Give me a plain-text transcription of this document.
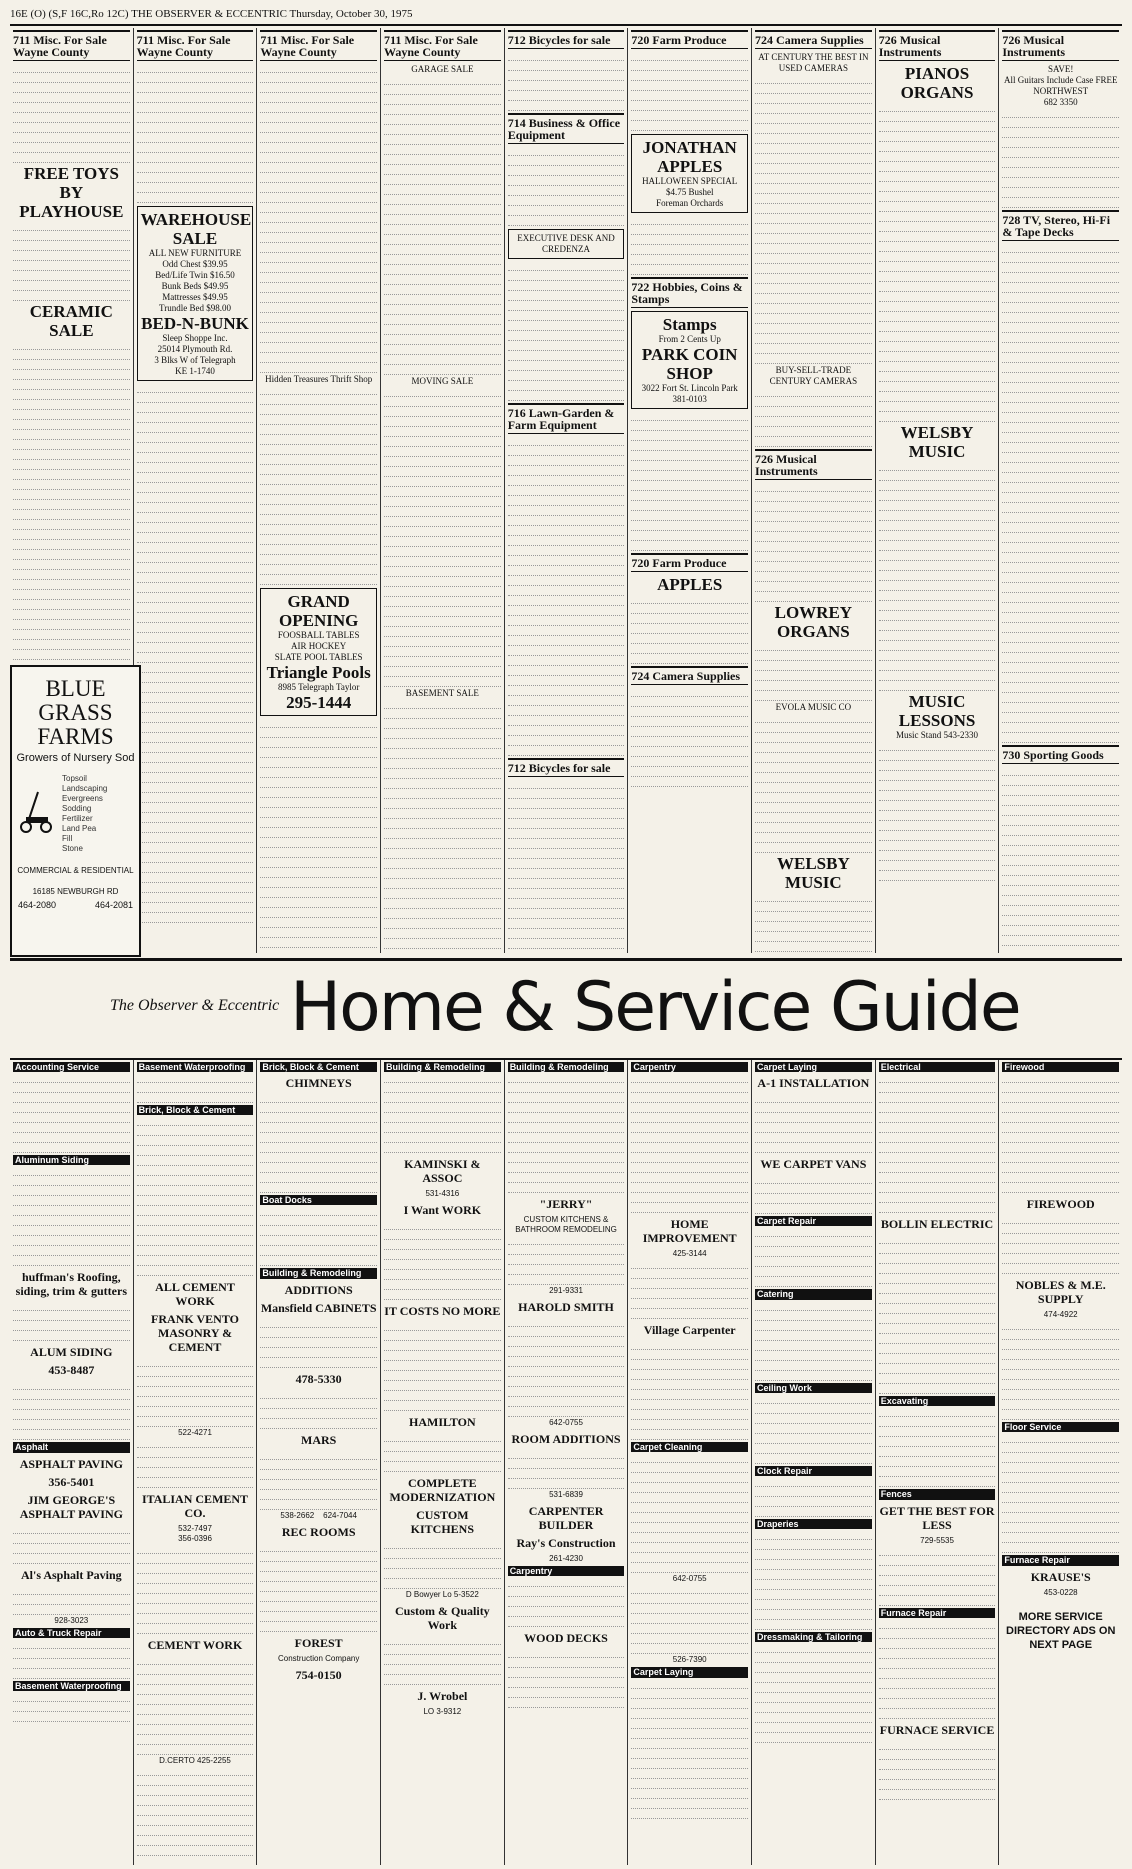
16E (O) (S,F 16C,Ro 12C) THE OBSERVER & ECCENTRIC Thursday, October 30, 1975
711 Misc. For Sale Wayne County
FREE TOYS BY PLAYHOUSE
CERAMIC SALE
711 Misc. For Sale Wayne County
WAREHOUSE SALE
ALL NEW FURNITURE
Odd Chest $39.95
Bed/Life Twin $16.50
Bunk Beds $49.95
Mattresses $49.95
Trundle Bed $98.00
BED-N-BUNK
Sleep Shoppe Inc.
25014 Plymouth Rd.
3 Blks W of Telegraph
KE 1-1740
711 Misc. For Sale Wayne County
Hidden Treasures Thrift Shop
GRAND OPENING
FOOSBALL TABLES
AIR HOCKEY
SLATE POOL TABLES
Triangle Pools
8985 Telegraph Taylor
295-1444
711 Misc. For Sale Wayne County
GARAGE SALE
MOVING SALE
BASEMENT SALE
712 Bicycles for sale
714 Business & Office Equipment
EXECUTIVE DESK AND CREDENZA
716 Lawn-Garden & Farm Equipment
712 Bicycles for sale
720 Farm Produce
JONATHAN APPLES
HALLOWEEN SPECIAL
$4.75 Bushel
Foreman Orchards
722 Hobbies, Coins & Stamps
Stamps
From 2 Cents Up
PARK COIN SHOP
3022 Fort St. Lincoln Park
381-0103
720 Farm Produce
APPLES
724 Camera Supplies
724 Camera Supplies
AT CENTURY THE BEST IN USED CAMERAS
BUY-SELL-TRADE CENTURY CAMERAS
726 Musical Instruments
LOWREY ORGANS
EVOLA MUSIC CO
WELSBY MUSIC
726 Musical Instruments
PIANOS ORGANS
WELSBY MUSIC
MUSIC LESSONS
Music Stand 543-2330
726 Musical Instruments
SAVE!
All Guitars Include Case FREE
NORTHWEST
682 3350
728 TV, Stereo, Hi-Fi & Tape Decks
730 Sporting Goods
BLUE GRASS FARMS
Growers of Nursery Sod
Topsoil
Landscaping
Evergreens
Sodding
Fertilizer
Land Pea
Fill
Stone
COMMERCIAL & RESIDENTIAL
16185 NEWBURGH RD
464-2080	464-2081
The Observer & Eccentric Home & Service Guide
Accounting Service
Aluminum Siding
huffman's Roofing, siding, trim & gutters
ALUM SIDING
453-8487
Asphalt
ASPHALT PAVING
356-5401
JIM GEORGE'S ASPHALT PAVING
Al's Asphalt Paving
928-3023
Auto & Truck Repair
Basement Waterproofing
Basement Waterproofing
Brick, Block & Cement
ALL CEMENT WORK
FRANK VENTO MASONRY & CEMENT
522-4271
ITALIAN CEMENT CO.
532-7497
356-0396
CEMENT WORK
D.CERTO 425-2255
Brick, Block & Cement
CHIMNEYS
Boat Docks
Building & Remodeling
ADDITIONS
Mansfield CABINETS
478-5330
MARS
538-2662 624-7044
REC ROOMS
FOREST
Construction Company
754-0150
Building & Remodeling
KAMINSKI & ASSOC
531-4316
I Want WORK
IT COSTS NO MORE
HAMILTON
COMPLETE MODERNIZATION
CUSTOM KITCHENS
D Bowyer Lo 5-3522
Custom & Quality Work
J. Wrobel
LO 3-9312
Building & Remodeling
"JERRY"
CUSTOM KITCHENS & BATHROOM REMODELING
291-9331
HAROLD SMITH
642-0755
ROOM ADDITIONS
531-6839
CARPENTER BUILDER
Ray's Construction
261-4230
Carpentry
WOOD DECKS
Carpentry
HOME IMPROVEMENT
425-3144
Village Carpenter
Carpet Cleaning
642-0755
526-7390
Carpet Laying
Carpet Laying
A-1 INSTALLATION
WE CARPET VANS
Carpet Repair
Catering
Ceiling Work
Clock Repair
Draperies
Dressmaking & Tailoring
Electrical
BOLLIN ELECTRIC
Excavating
Fences
GET THE BEST FOR LESS
729-5535
Furnace Repair
FURNACE SERVICE
Firewood
FIREWOOD
NOBLES & M.E. SUPPLY
474-4922
Floor Service
Furnace Repair
KRAUSE'S
453-0228
MORE SERVICE DIRECTORY ADS ON NEXT PAGE
